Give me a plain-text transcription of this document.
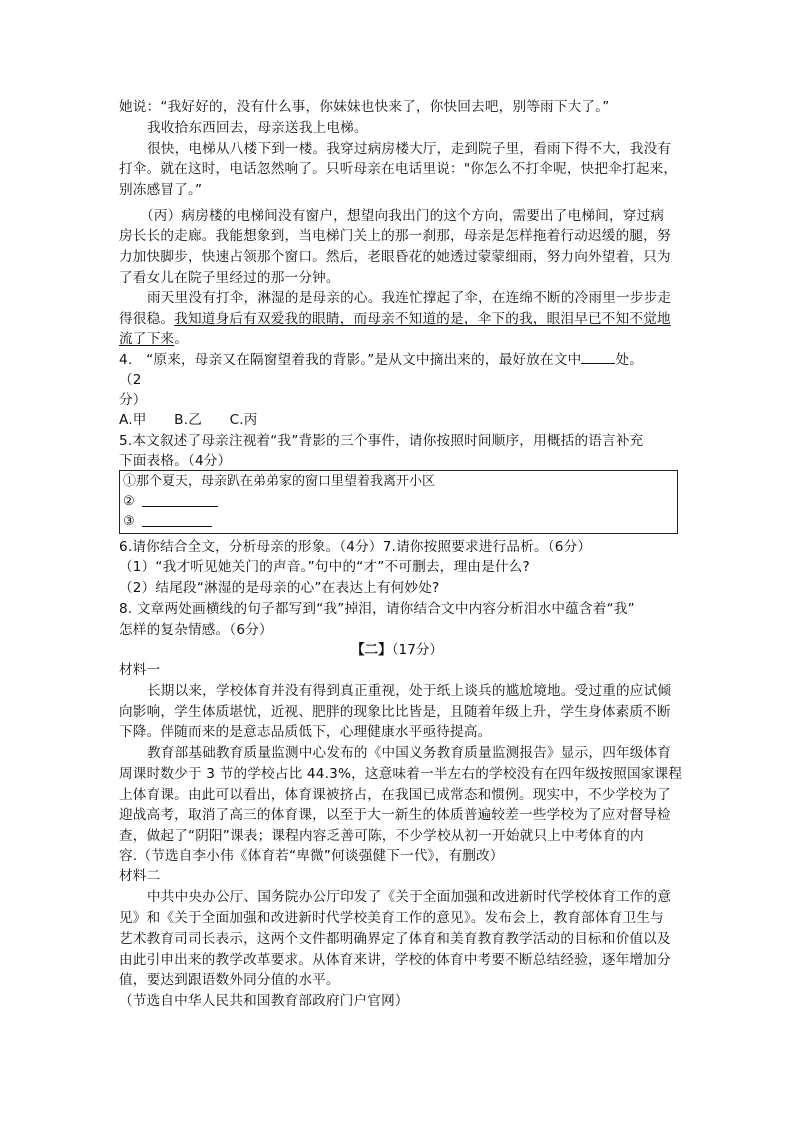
她说：“我好好的，没有什么事，你妹妹也快来了，你快回去吧，别等雨下大了。”
我收拾东西回去，母亲送我上电梯。
很快，电梯从八楼下到一楼。我穿过病房楼大厅，走到院子里，看雨下得不大，我没有
打伞。就在这时，电话忽然响了。只听母亲在电话里说："你怎么不打伞呢，快把伞打起来，
别冻感冒了。”
（丙）病房楼的电梯间没有窗户，想望向我出门的这个方向，需要出了电梯间，穿过病
房长长的走廊。我能想象到，当电梯门关上的那一刹那，母亲是怎样拖着行动迟缓的腿，努
力加快脚步，快速占领那个窗口。然后，老眼昏花的她透过蒙蒙细雨，努力向外望着，只为
了看女儿在院子里经过的那一分钟。
雨天里没有打伞，淋湿的是母亲的心。我连忙撑起了伞，在连绵不断的冷雨里一步步走
得很稳。我知道身后有双爱我的眼睛，而母亲不知道的是，伞下的我，眼泪早已不知不觉地
流了下来。
4.　“原来，母亲又在隔窗望着我的背影。”是从文中摘出来的，最好放在文中	处。
（2
分）
A.甲　　B.乙　　C.丙
5.本文叙述了母亲注视着“我”背影的三个事件，请你按照时间顺序，用概括的语言补充
下面表格。（4分）
①那个夏天，母亲趴在弟弟家的窗口里望着我离开小区
②
③
6.请你结合全文，分析母亲的形象。（4分）7.请你按照要求进行品析。（6分）
（1）“我才听见她关门的声音。”句中的“才”不可删去，理由是什么?
（2）结尾段“淋湿的是母亲的心”在表达上有何妙处?
8. 文章两处画横线的句子都写到“我”掉泪，请你结合文中内容分析泪水中蕴含着“我”
怎样的复杂情感。（6分）
【二】（17分）
材料一
长期以来，学校体育并没有得到真正重视，处于纸上谈兵的尴尬境地。受过重的应试倾
向影响，学生体质堪忧，近视、肥胖的现象比比皆是，且随着年级上升，学生身体素质不断
下降。伴随而来的是意志品质低下，心理健康水平亟待提高。
教育部基础教育质量监测中心发布的《中国义务教育质量监测报告》显示，四年级体育
周课时数少于 3 节的学校占比 44.3%，这意味着一半左右的学校没有在四年级按照国家课程
上体育课。由此可以看出，体育课被挤占，在我国已成常态和惯例。现实中，不少学校为了
迎战高考，取消了高三的体育课，以至于大一新生的体质普遍较差一些学校为了应对督导检
查，做起了“阴阳”课表；课程内容乏善可陈，不少学校从初一开始就只上中考体育的内
容.（节选自李小伟《体育若“卑微”何谈强健下一代》，有删改）
材料二
中共中央办公厅、国务院办公厅印发了《关于全面加强和改进新时代学校体育工作的意
见》和《关于全面加强和改进新时代学校美育工作的意见》。发布会上，教育部体育卫生与
艺术教育司司长表示，这两个文件都明确界定了体育和美育教育教学活动的目标和价值以及
由此引申出来的教学改革要求。从体育来讲，学校的体育中考要不断总结经验，逐年增加分
值，要达到跟语数外同分值的水平。
（节选自中华人民共和国教育部政府门户官网）
